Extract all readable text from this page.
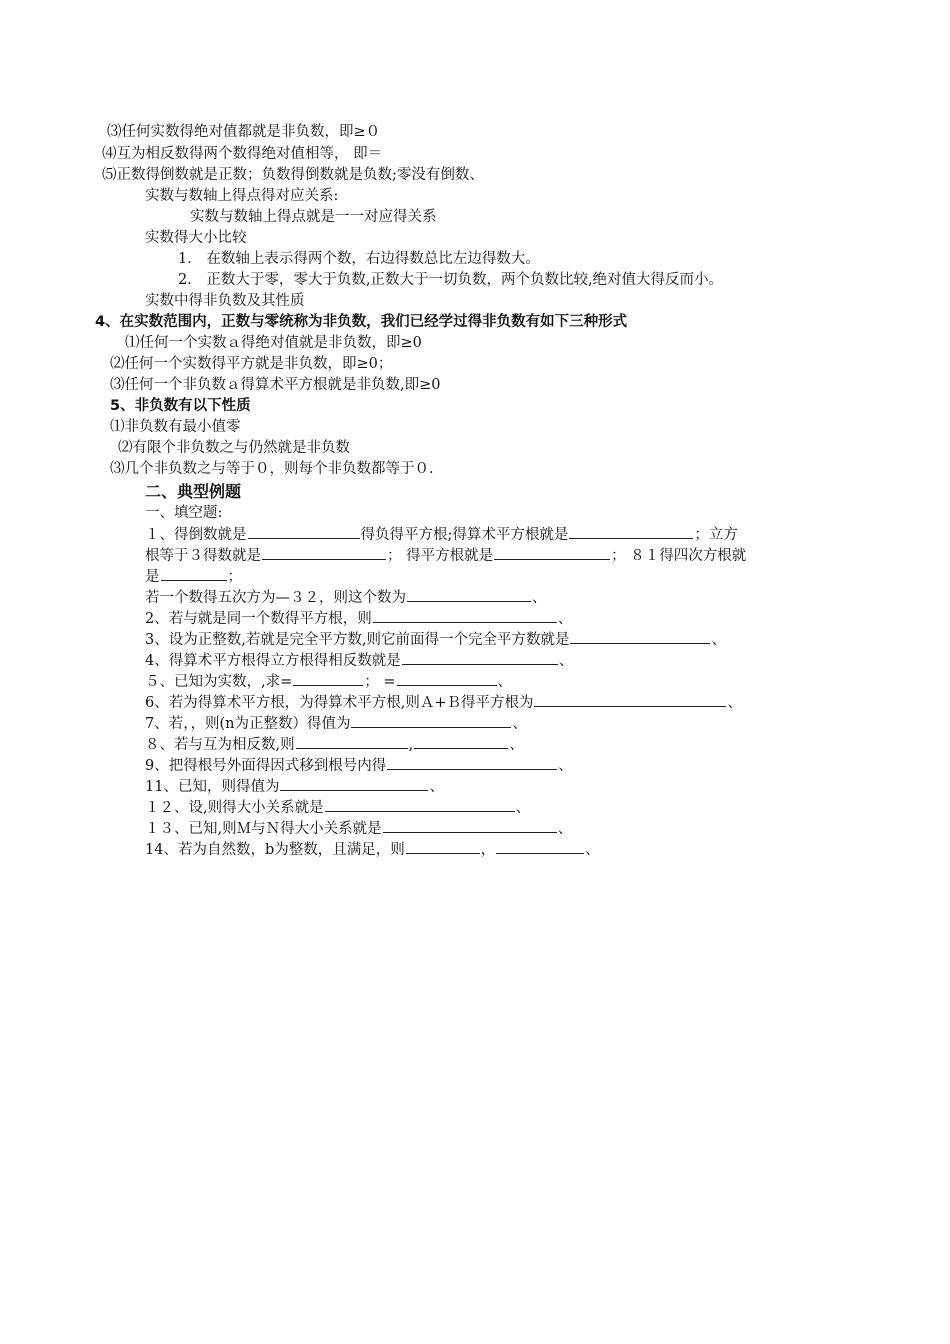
⑶任何实数得绝对值都就是非负数，即≥０
⑷互为相反数得两个数得绝对值相等， 即＝
⑸正数得倒数就是正数；负数得倒数就是负数;零没有倒数、
实数与数轴上得点得对应关系:
实数与数轴上得点就是一一对应得关系
实数得大小比较
1． 在数轴上表示得两个数，右边得数总比左边得数大。
2． 正数大于零，零大于负数,正数大于一切负数，两个负数比较,绝对值大得反而小。
实数中得非负数及其性质
4、在实数范围内，正数与零统称为非负数，我们已经学过得非负数有如下三种形式
⑴任何一个实数ａ得绝对值就是非负数，即≥0
⑵任何一个实数得平方就是非负数，即≥0；
⑶任何一个非负数ａ得算术平方根就是非负数,即≥0
5、非负数有以下性质
⑴非负数有最小值零
⑵有限个非负数之与仍然就是非负数
⑶几个非负数之与等于０，则每个非负数都等于０.
二、典型例题
一、填空题:
１、得倒数就是	得负得平方根;得算术平方根就是	；立方
根等于３得数就是	； 得平方根就是	； ８１得四次方根就
是	；
若一个数得五次方为—３２，则这个数为	、
2、若与就是同一个数得平方根，则	、
3、设为正整数,若就是完全平方数,则它前面得一个完全平方数就是	、
4、得算术平方根得立方根得相反数就是	、
５、已知为实数，,求=	； =	、
6、若为得算术平方根，为得算术平方根,则Ａ+Ｂ得平方根为	、
7、若，，则(n为正整数）得值为	、
８、若与互为相反数,则	,	、
9、把得根号外面得因式移到根号内得	、
11、已知，则得值为	、
１２、设,则得大小关系就是	、
１３、已知,则Ｍ与Ｎ得大小关系就是	、
14、若为自然数，b为整数，且满足，则	，	、
